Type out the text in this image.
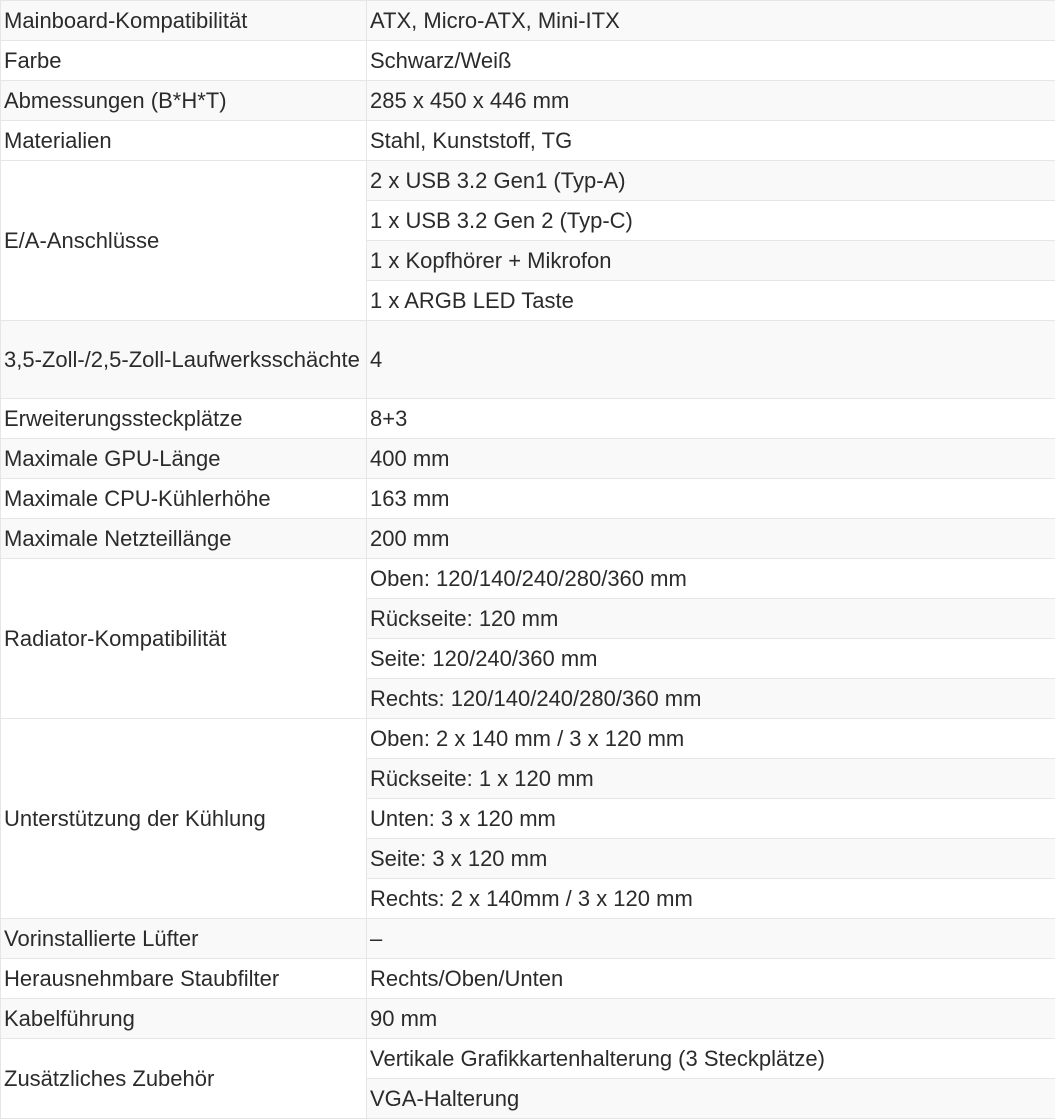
Mainboard-Kompatibilität	ATX, Micro-ATX, Mini-ITX
Farbe	Schwarz/Weiß
Abmessungen (B*H*T)	285 x 450 x 446 mm
Materialien	Stahl, Kunststoff, TG
E/A-Anschlüsse	2 x USB 3.2 Gen1 (Typ-A)
	1 x USB 3.2 Gen 2 (Typ-C)
	1 x Kopfhörer + Mikrofon
	1 x ARGB LED Taste
3,5-Zoll-/2,5-Zoll-Laufwerksschächte	4
Erweiterungssteckplätze	8+3
Maximale GPU-Länge	400 mm
Maximale CPU-Kühlerhöhe	163 mm
Maximale Netzteillänge	200 mm
Radiator-Kompatibilität	Oben: 120/140/240/280/360 mm
	Rückseite: 120 mm
	Seite: 120/240/360 mm
	Rechts: 120/140/240/280/360 mm
Unterstützung der Kühlung	Oben: 2 x 140 mm / 3 x 120 mm
	Rückseite: 1 x 120 mm
	Unten: 3 x 120 mm
	Seite: 3 x 120 mm
	Rechts: 2 x 140mm / 3 x 120 mm
Vorinstallierte Lüfter	–
Herausnehmbare Staubfilter	Rechts/Oben/Unten
Kabelführung	90 mm
Zusätzliches Zubehör	Vertikale Grafikkartenhalterung (3 Steckplätze)
	VGA-Halterung
